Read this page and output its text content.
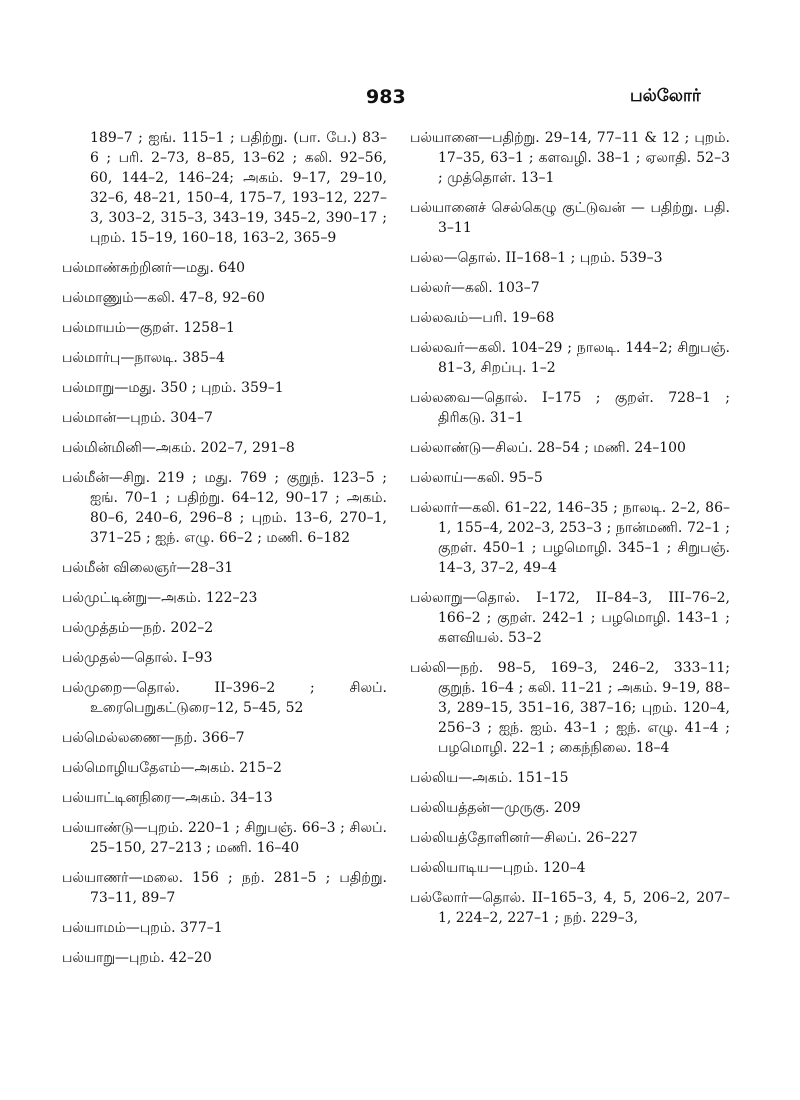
983	பல்லோர்
189–7 ; ஐங். 115–1 ; பதிற்று. (பா. பே.) 83–6 ; பரி. 2–73, 8–85, 13–62 ; கலி. 92–56, 60, 144–2, 146–24; அகம். 9–17, 29–10, 32–6, 48–21, 150–4, 175–7, 193–12, 227–3, 303–2, 315–3, 343–19, 345–2, 390–17 ; புறம். 15–19, 160–18, 163–2, 365–9
பல்மாண்சுற்றினர்—மது. 640
பல்மாணும்—கலி. 47–8, 92–60
பல்மாயம்—குறள். 1258–1
பல்மார்பு—நாலடி. 385–4
பல்மாறு—மது. 350 ; புறம். 359–1
பல்மான்—புறம். 304–7
பல்மின்மினி—அகம். 202–7, 291–8
பல்மீன்—சிறு. 219 ; மது. 769 ; குறுந். 123–5 ; ஐங். 70–1 ; பதிற்று. 64–12, 90–17 ; அகம். 80–6, 240–6, 296–8 ; புறம். 13–6, 270–1, 371–25 ; ஐந். எழு. 66–2 ; மணி. 6–182
பல்மீன் விலைஞர்—28–31
பல்முட்டின்று—அகம். 122–23
பல்முத்தம்—நற். 202–2
பல்முதல்—தொல். I–93
பல்முறை—தொல். II–396–2 ; சிலப். உரைபெறுகட்டுரை–12, 5–45, 52
பல்மெல்லணை—நற். 366–7
பல்மொழியதேஎம்—அகம். 215–2
பல்யாட்டினநிரை—அகம். 34–13
பல்யாண்டு—புறம். 220–1 ; சிறுபஞ். 66–3 ; சிலப். 25–150, 27–213 ; மணி. 16–40
பல்யாணர்—மலை. 156 ; நற். 281–5 ; பதிற்று. 73–11, 89–7
பல்யாமம்—புறம். 377–1
பல்யாறு—புறம். 42–20
பல்யானை—பதிற்று. 29–14, 77–11 & 12 ; புறம். 17–35, 63–1 ; களவழி. 38–1 ; ஏலாதி. 52–3 ; முத்தொள். 13–1
பல்யானைச் செல்கெழு குட்டுவன் — பதிற்று. பதி. 3–11
பல்ல—தொல். II–168–1 ; புறம். 539–3
பல்லர்—கலி. 103–7
பல்லவம்—பரி. 19–68
பல்லவர்—கலி. 104–29 ; நாலடி. 144–2; சிறுபஞ். 81–3, சிறப்பு. 1–2
பல்லவை—தொல். I–175 ; குறள். 728–1 ; திரிகடு. 31–1
பல்லாண்டு—சிலப். 28–54 ; மணி. 24–100
பல்லாய்—கலி. 95–5
பல்லார்—கலி. 61–22, 146–35 ; நாலடி. 2–2, 86–1, 155–4, 202–3, 253–3 ; நான்மணி. 72–1 ; குறள். 450–1 ; பழமொழி. 345–1 ; சிறுபஞ். 14–3, 37–2, 49–4
பல்லாறு—தொல். I–172, II–84–3, III–76–2, 166–2 ; குறள். 242–1 ; பழமொழி. 143–1 ; களவியல். 53–2
பல்லி—நற். 98–5, 169–3, 246–2, 333–11; குறுந். 16–4 ; கலி. 11–21 ; அகம். 9–19, 88–3, 289–15, 351–16, 387–16; புறம். 120–4, 256–3 ; ஐந். ஐம். 43–1 ; ஐந். எழு. 41–4 ; பழமொழி. 22–1 ; கைந்நிலை. 18–4
பல்லிய—அகம். 151–15
பல்லியத்தன்—முருகு. 209
பல்லியத்தோளினர்—சிலப். 26–227
பல்லியாடிய—புறம். 120–4
பல்லோர்—தொல். II–165–3, 4, 5, 206–2, 207–1, 224–2, 227–1 ; நற். 229–3,
